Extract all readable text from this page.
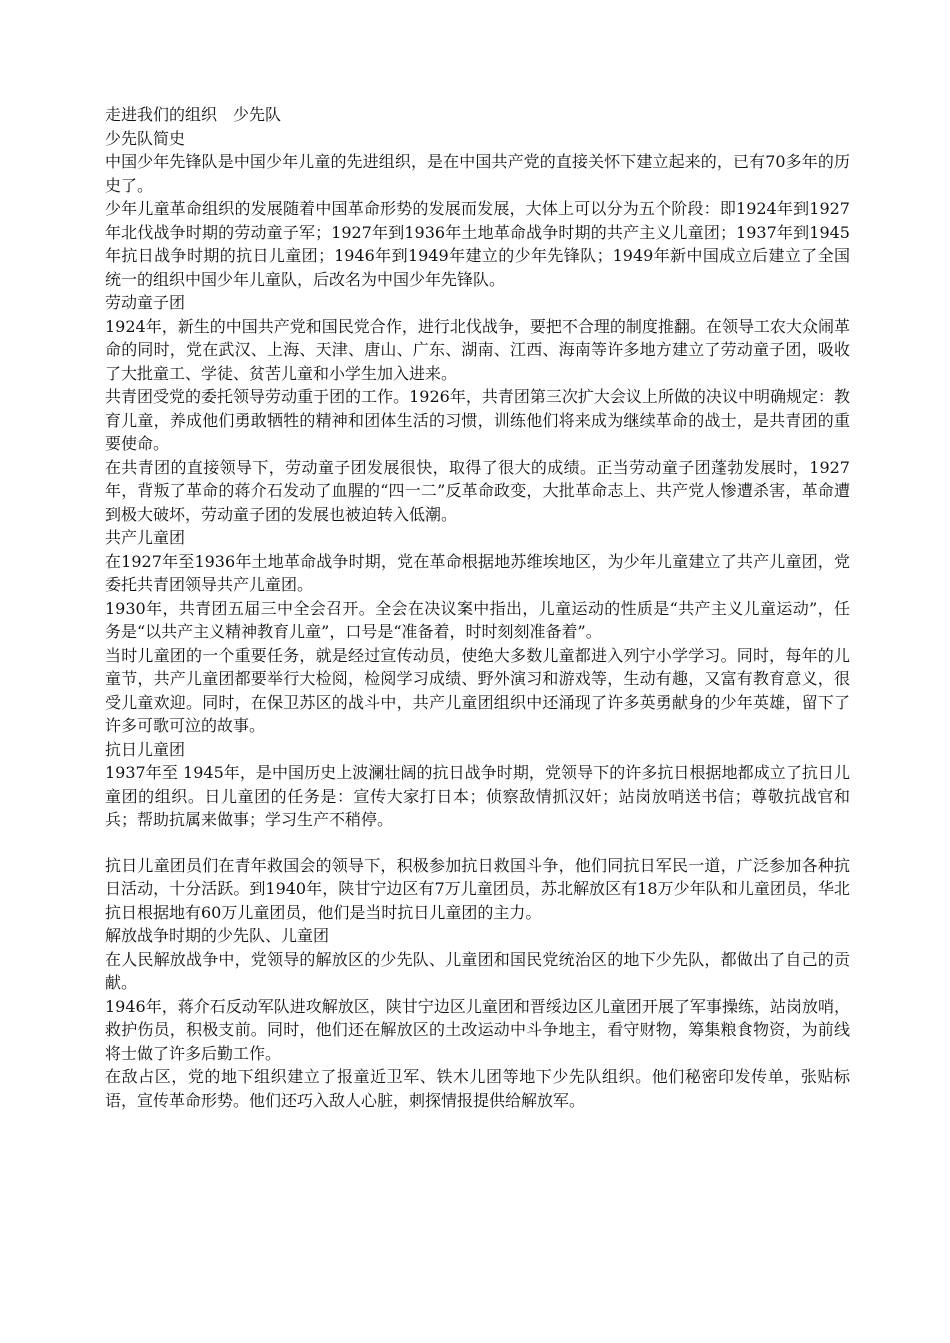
走进我们的组织　少先队

少先队简史

中国少年先锋队是中国少年儿童的先进组织，是在中国共产党的直接关怀下建立起来的，已有70多年的历史了。

少年儿童革命组织的发展随着中国革命形势的发展而发展，大体上可以分为五个阶段：即1924年到1927年北伐战争时期的劳动童子军；1927年到1936年土地革命战争时期的共产主义儿童团；1937年到1945年抗日战争时期的抗日儿童团；1946年到1949年建立的少年先锋队；1949年新中国成立后建立了全国统一的组织中国少年儿童队，后改名为中国少年先锋队。

劳动童子团

1924年，新生的中国共产党和国民党合作，进行北伐战争，要把不合理的制度推翻。在领导工农大众闹革命的同时，党在武汉、上海、天津、唐山、广东、湖南、江西、海南等许多地方建立了劳动童子团，吸收了大批童工、学徒、贫苦儿童和小学生加入进来。

共青团受党的委托领导劳动重于团的工作。1926年，共青团第三次扩大会议上所做的决议中明确规定：教育儿童，养成他们勇敢牺牲的精神和团体生活的习惯，训练他们将来成为继续革命的战士，是共青团的重要使命。

在共青团的直接领导下，劳动童子团发展很快，取得了很大的成绩。正当劳动童子团蓬勃发展时，1927年，背叛了革命的蒋介石发动了血腥的“四一二”反革命政变，大批革命志上、共产党人惨遭杀害，革命遭到极大破坏，劳动童子团的发展也被迫转入低潮。

共产儿童团

在1927年至1936年土地革命战争时期，党在革命根据地苏维埃地区，为少年儿童建立了共产儿童团，党委托共青团领导共产儿童团。

1930年，共青团五届三中全会召开。全会在决议案中指出，儿童运动的性质是“共产主义儿童运动”，任务是“以共产主义精神教育儿童”，口号是“准备着，时时刻刻准备着”。

当时儿童团的一个重要任务，就是经过宣传动员，使绝大多数儿童都进入列宁小学学习。同时，每年的儿童节，共产儿童团都要举行大检阅，检阅学习成绩、野外演习和游戏等，生动有趣，又富有教育意义，很受儿童欢迎。同时，在保卫苏区的战斗中，共产儿童团组织中还涌现了许多英勇献身的少年英雄，留下了许多可歌可泣的故事。

抗日儿童团

1937年至 1945年，是中国历史上波澜壮阔的抗日战争时期，党领导下的许多抗日根据地都成立了抗日儿童团的组织。日儿童团的任务是：宣传大家打日本；侦察敌情抓汉奸；站岗放哨送书信；尊敬抗战官和兵；帮助抗属来做事；学习生产不稍停。

抗日儿童团员们在青年救国会的领导下，积极参加抗日救国斗争，他们同抗日军民一道，广泛参加各种抗日活动，十分活跃。到1940年，陕甘宁边区有7万儿童团员，苏北解放区有18万少年队和儿童团员，华北抗日根据地有60万儿童团员，他们是当时抗日儿童团的主力。

解放战争时期的少先队、儿童团

在人民解放战争中，党领导的解放区的少先队、儿童团和国民党统治区的地下少先队，都做出了自己的贡献。

1946年，蒋介石反动军队进攻解放区，陕甘宁边区儿童团和晋绥边区儿童团开展了军事操练，站岗放哨，救护伤员，积极支前。同时，他们还在解放区的土改运动中斗争地主，看守财物，筹集粮食物资，为前线将士做了许多后勤工作。

在敌占区，党的地下组织建立了报童近卫军、铁木儿团等地下少先队组织。他们秘密印发传单，张贴标语，宣传革命形势。他们还巧入敌人心脏，刺探情报提供给解放军。
